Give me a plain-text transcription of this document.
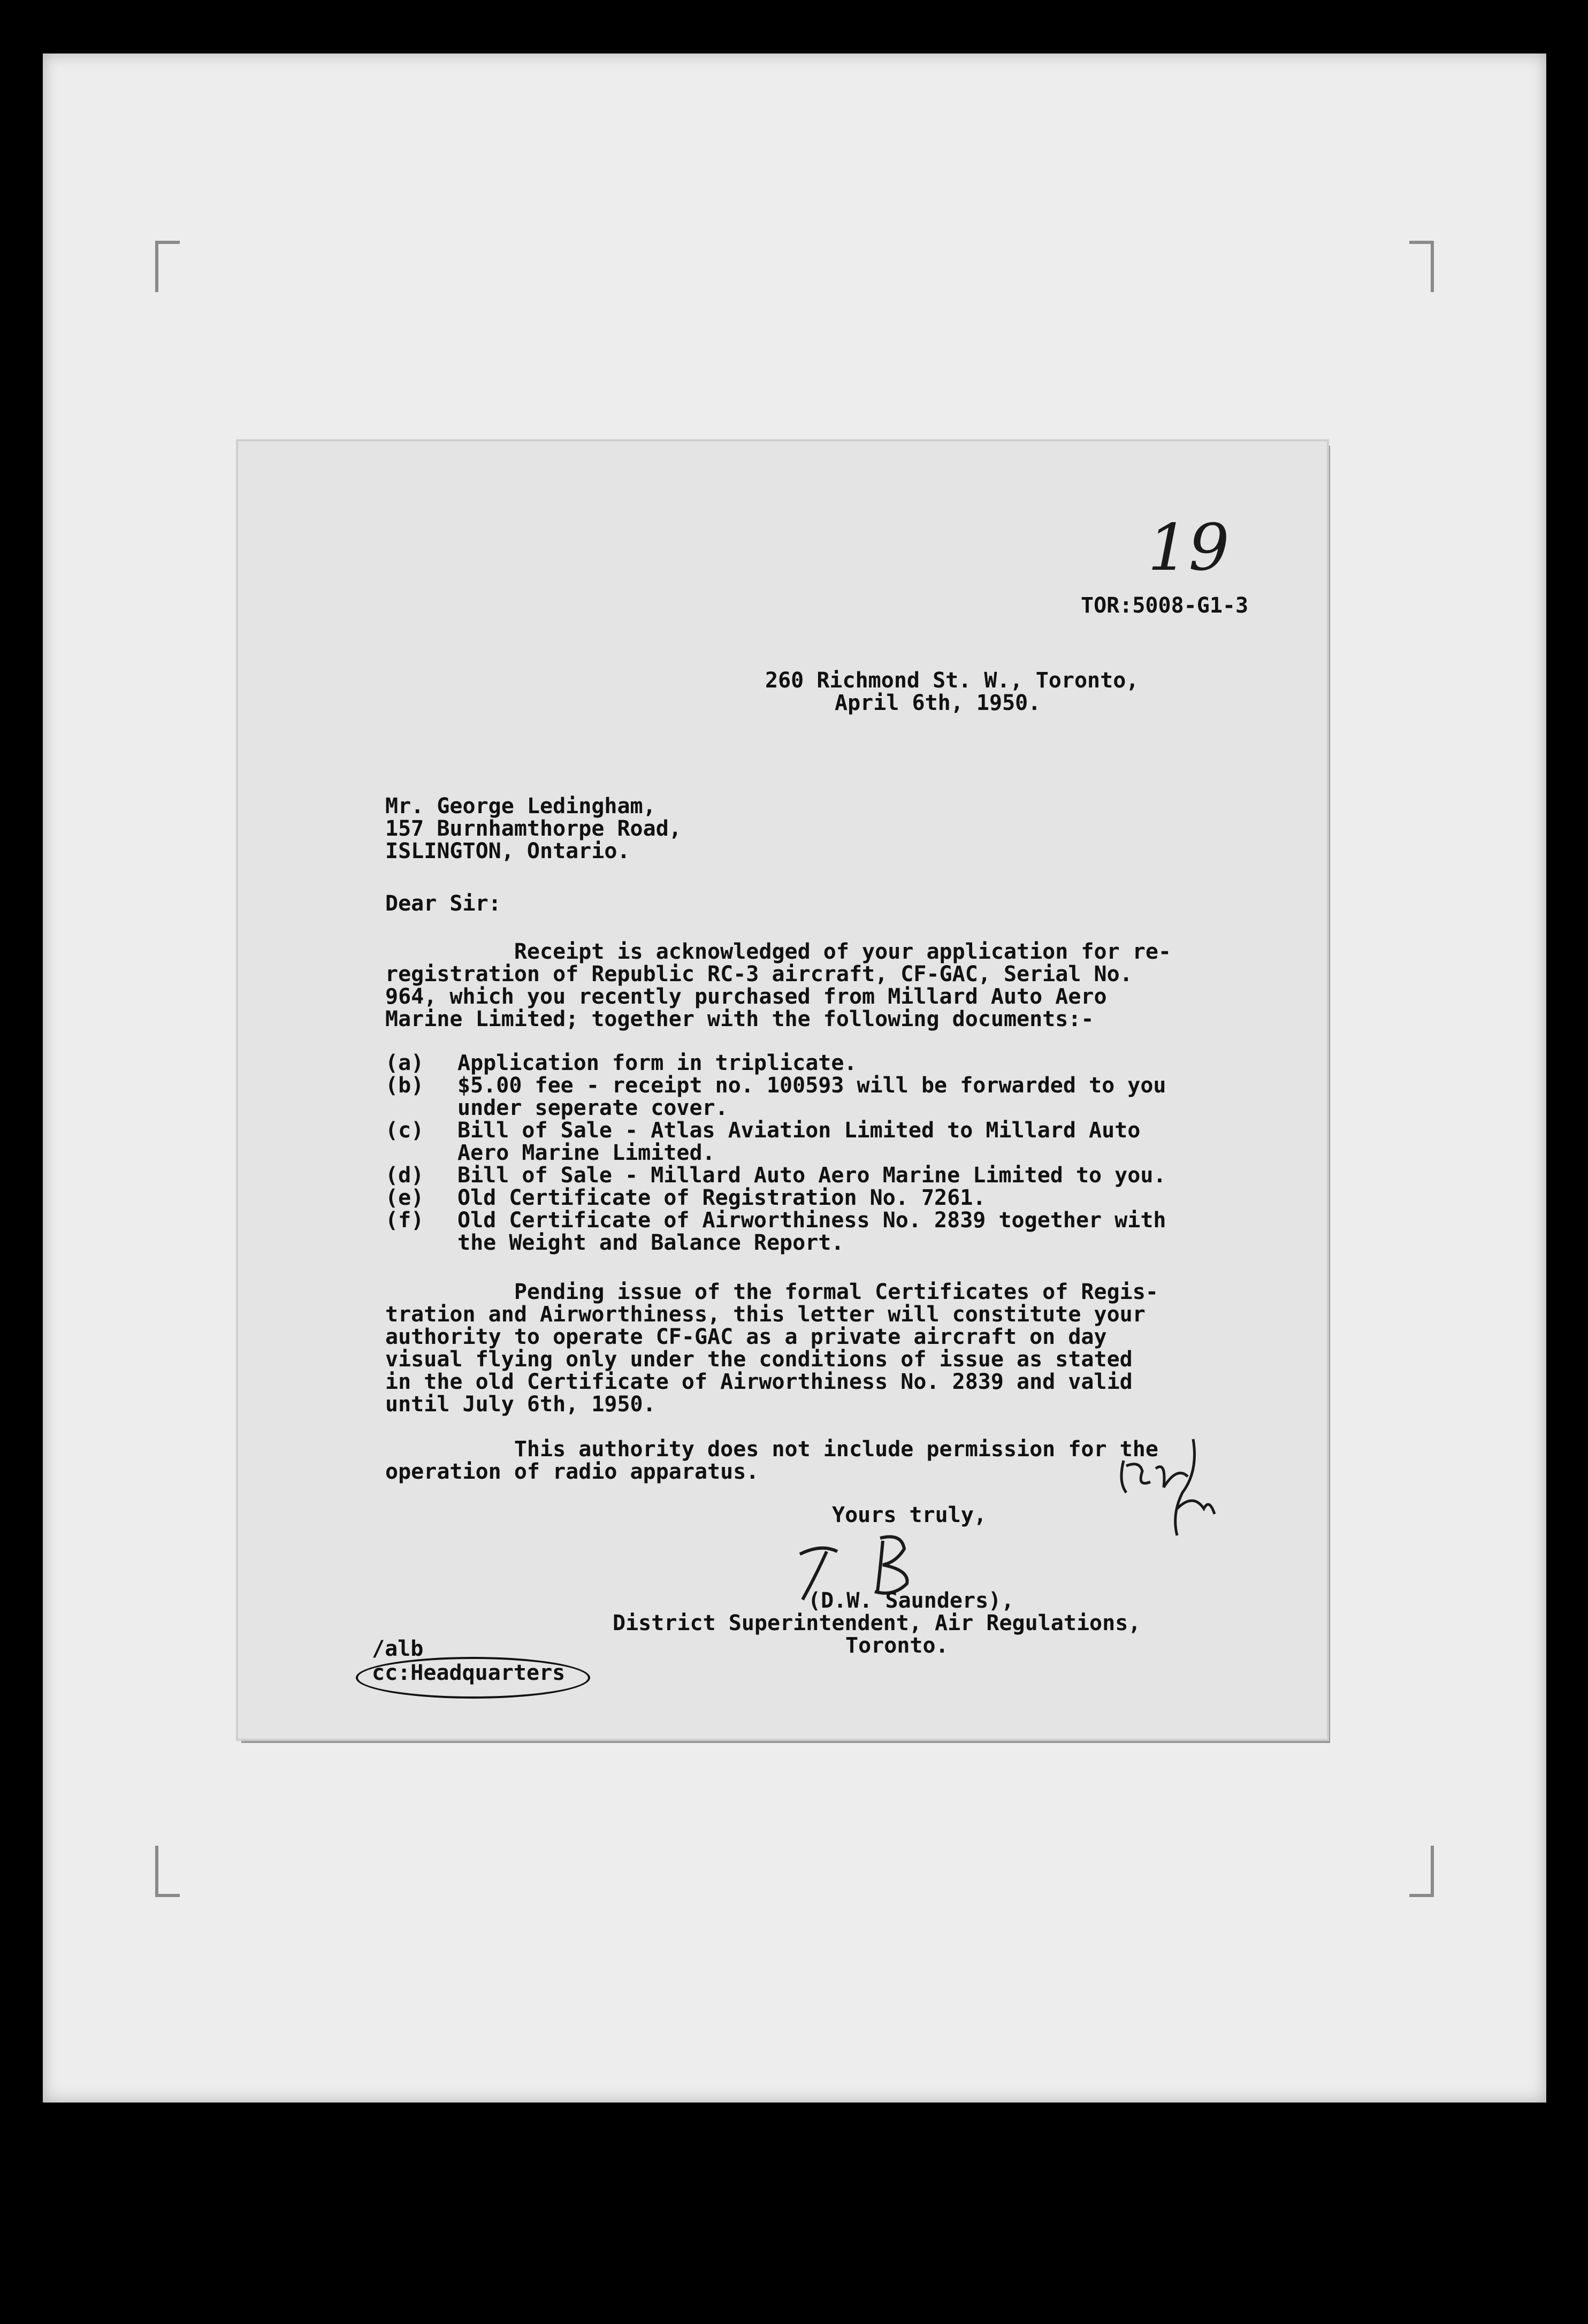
19
TOR:5008-G1-3
260 Richmond St. W., Toronto,
April 6th, 1950.
Mr. George Ledingham,
157 Burnhamthorpe Road,
ISLINGTON, Ontario.
Dear Sir:
Receipt is acknowledged of your application for re-
registration of Republic RC-3 aircraft, CF-GAC, Serial No.
964, which you recently purchased from Millard Auto Aero
Marine Limited; together with the following documents:-
(a) Application form in triplicate.
(b) $5.00 fee - receipt no. 100593 will be forwarded to you
under seperate cover.
(c) Bill of Sale - Atlas Aviation Limited to Millard Auto
Aero Marine Limited.
(d) Bill of Sale - Millard Auto Aero Marine Limited to you.
(e) Old Certificate of Registration No. 7261.
(f) Old Certificate of Airworthiness No. 2839 together with
the Weight and Balance Report.
Pending issue of the formal Certificates of Regis-
tration and Airworthiness, this letter will constitute your
authority to operate CF-GAC as a private aircraft on day
visual flying only under the conditions of issue as stated
in the old Certificate of Airworthiness No. 2839 and valid
until July 6th, 1950.
This authority does not include permission for the
operation of radio apparatus.
Yours truly,
(D.W. Saunders),
District Superintendent, Air Regulations,
Toronto.
/alb
cc:Headquarters
